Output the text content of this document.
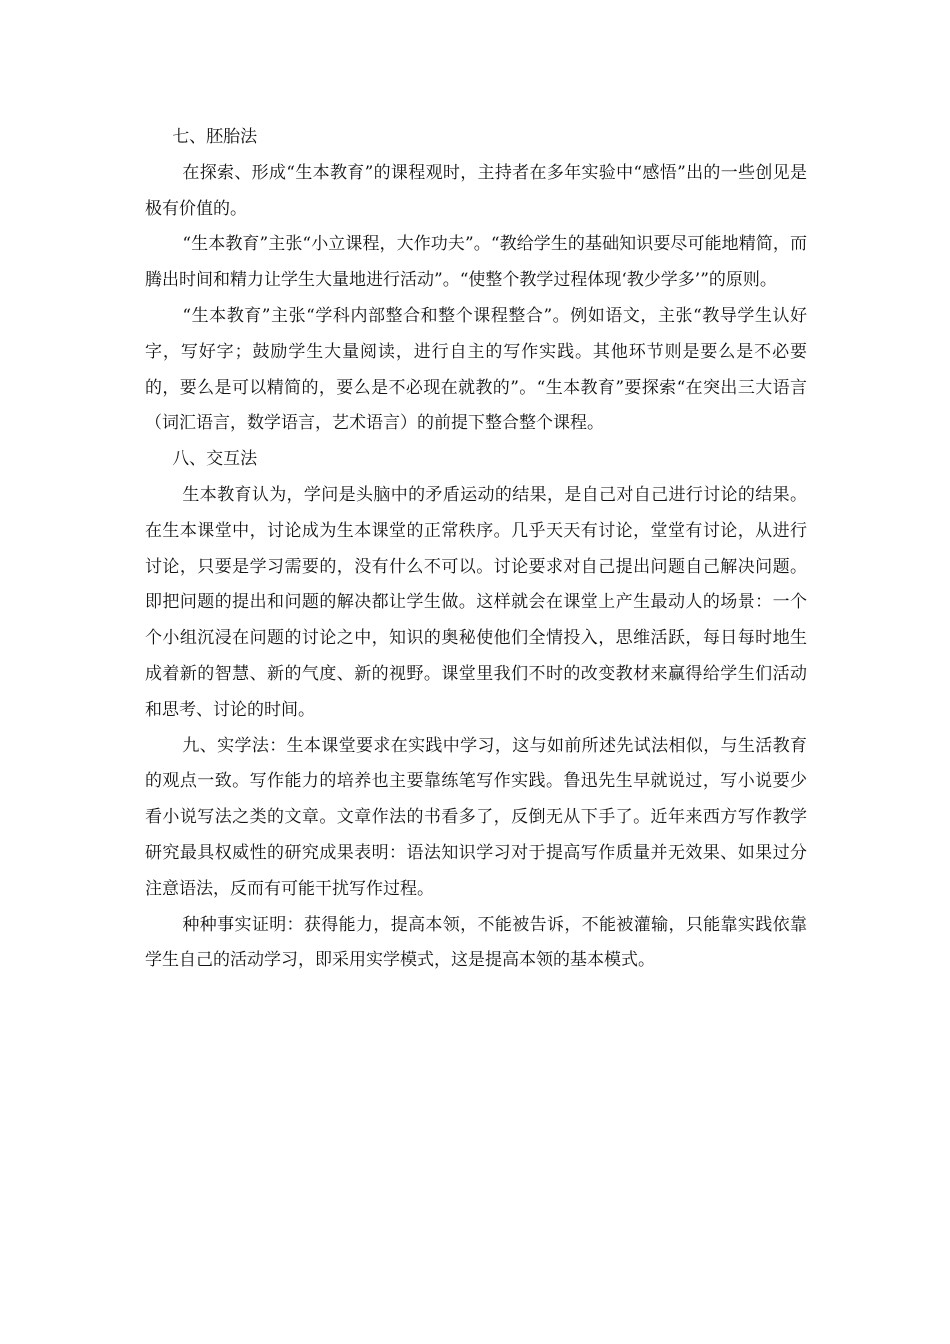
七、胚胎法

在探索、形成“生本教育”的课程观时，主持者在多年实验中“感悟”出的一些创见是极有价值的。

“生本教育”主张“小立课程，大作功夫”。“教给学生的基础知识要尽可能地精简，而腾出时间和精力让学生大量地进行活动”。“使整个教学过程体现‘教少学多’”的原则。

“生本教育”主张“学科内部整合和整个课程整合”。例如语文，主张“教导学生认好字，写好字；鼓励学生大量阅读，进行自主的写作实践。其他环节则是要么是不必要的，要么是可以精简的，要么是不必现在就教的”。“生本教育”要探索“在突出三大语言（词汇语言，数学语言，艺术语言）的前提下整合整个课程。

八、交互法

生本教育认为，学问是头脑中的矛盾运动的结果，是自己对自己进行讨论的结果。在生本课堂中，讨论成为生本课堂的正常秩序。几乎天天有讨论，堂堂有讨论，从进行讨论，只要是学习需要的，没有什么不可以。讨论要求对自己提出问题自己解决问题。即把问题的提出和问题的解决都让学生做。这样就会在课堂上产生最动人的场景：一个个小组沉浸在问题的讨论之中，知识的奥秘使他们全情投入，思维活跃，每日每时地生成着新的智慧、新的气度、新的视野。课堂里我们不时的改变教材来赢得给学生们活动和思考、讨论的时间。

九、实学法：生本课堂要求在实践中学习，这与如前所述先试法相似，与生活教育的观点一致。写作能力的培养也主要靠练笔写作实践。鲁迅先生早就说过，写小说要少看小说写法之类的文章。文章作法的书看多了，反倒无从下手了。近年来西方写作教学研究最具权威性的研究成果表明：语法知识学习对于提高写作质量并无效果、如果过分注意语法，反而有可能干扰写作过程。

种种事实证明：获得能力，提高本领，不能被告诉，不能被灌输，只能靠实践依靠学生自己的活动学习，即采用实学模式，这是提高本领的基本模式。
